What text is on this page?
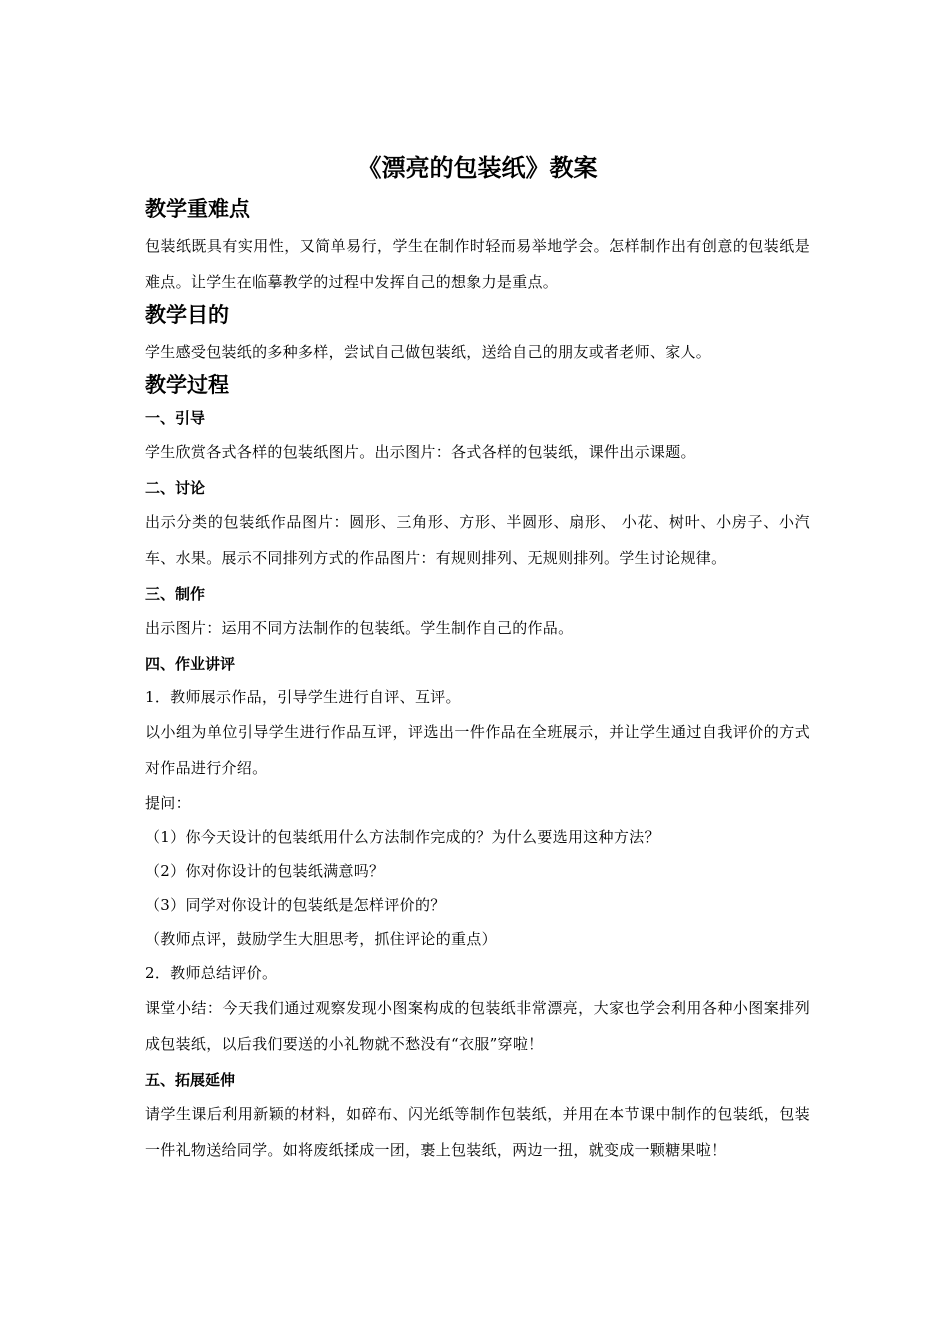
《漂亮的包装纸》教案
教学重难点

包装纸既具有实用性，又简单易行，学生在制作时轻而易举地学会。怎样制作出有创意的包装纸是难点。让学生在临摹教学的过程中发挥自己的想象力是重点。

教学目的

学生感受包装纸的多种多样，尝试自己做包装纸，送给自己的朋友或者老师、家人。

教学过程
一、引导

学生欣赏各式各样的包装纸图片。出示图片：各式各样的包装纸，课件出示课题。

二、讨论

出示分类的包装纸作品图片：圆形、三角形、方形、半圆形、扇形、 小花、树叶、小房子、小汽车、水果。展示不同排列方式的作品图片：有规则排列、无规则排列。学生讨论规律。

三、制作

出示图片：运用不同方法制作的包装纸。学生制作自己的作品。

四、作业讲评

1．教师展示作品，引导学生进行自评、互评。

以小组为单位引导学生进行作品互评，评选出一件作品在全班展示，并让学生通过自我评价的方式对作品进行介绍。

提问：

（1）你今天设计的包装纸用什么方法制作完成的？为什么要选用这种方法？

（2）你对你设计的包装纸满意吗？

（3）同学对你设计的包装纸是怎样评价的？

（教师点评，鼓励学生大胆思考，抓住评论的重点）

2．教师总结评价。

课堂小结：今天我们通过观察发现小图案构成的包装纸非常漂亮，大家也学会利用各种小图案排列成包装纸，以后我们要送的小礼物就不愁没有“衣服”穿啦！

五、拓展延伸

请学生课后利用新颖的材料，如碎布、闪光纸等制作包装纸，并用在本节课中制作的包装纸，包装一件礼物送给同学。如将废纸揉成一团，裹上包装纸，两边一扭，就变成一颗糖果啦！
